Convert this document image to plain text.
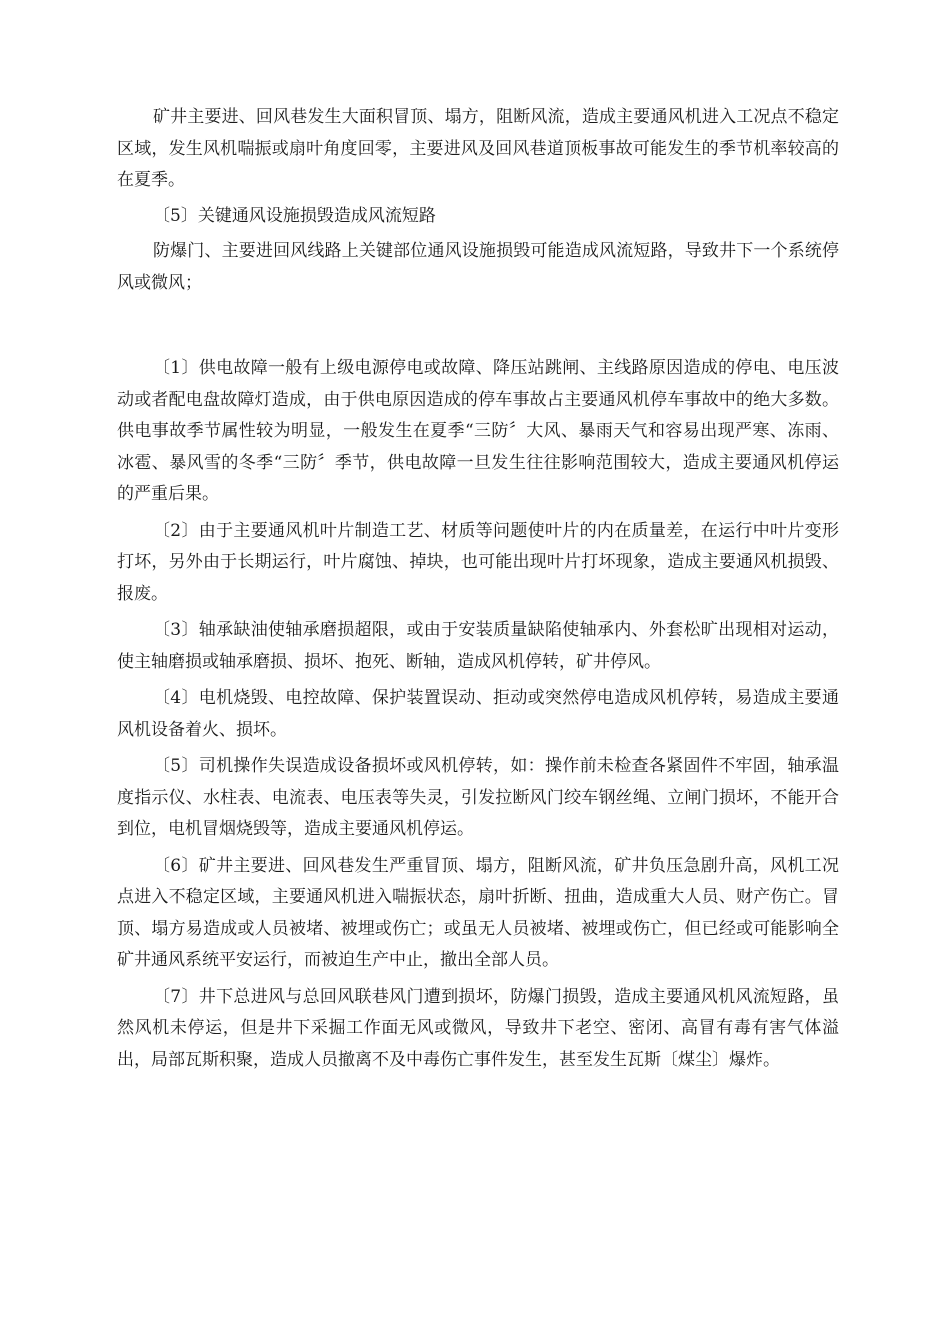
矿井主要进、回风巷发生大面积冒顶、塌方，阻断风流，造成主要通风机进入工况点不稳定区域，发生风机喘振或扇叶角度回零，主要进风及回风巷道顶板事故可能发生的季节机率较高的在夏季。

〔5〕关键通风设施损毁造成风流短路

防爆门、主要进回风线路上关键部位通风设施损毁可能造成风流短路，导致井下一个系统停风或微风；

〔1〕供电故障一般有上级电源停电或故障、降压站跳闸、主线路原因造成的停电、电压波动或者配电盘故障灯造成，由于供电原因造成的停车事故占主要通风机停车事故中的绝大多数。供电事故季节属性较为明显，一般发生在夏季“三防〞大风、暴雨天气和容易出现严寒、冻雨、冰雹、暴风雪的冬季“三防〞季节，供电故障一旦发生往往影响范围较大，造成主要通风机停运的严重后果。

〔2〕由于主要通风机叶片制造工艺、材质等问题使叶片的内在质量差，在运行中叶片变形打坏，另外由于长期运行，叶片腐蚀、掉块，也可能出现叶片打坏现象，造成主要通风机损毁、报废。

〔3〕轴承缺油使轴承磨损超限，或由于安装质量缺陷使轴承内、外套松旷出现相对运动，使主轴磨损或轴承磨损、损坏、抱死、断轴，造成风机停转，矿井停风。

〔4〕电机烧毁、电控故障、保护装置误动、拒动或突然停电造成风机停转，易造成主要通风机设备着火、损坏。

〔5〕司机操作失误造成设备损坏或风机停转，如：操作前未检查各紧固件不牢固，轴承温度指示仪、水柱表、电流表、电压表等失灵，引发拉断风门绞车钢丝绳、立闸门损坏，不能开合到位，电机冒烟烧毁等，造成主要通风机停运。

〔6〕矿井主要进、回风巷发生严重冒顶、塌方，阻断风流，矿井负压急剧升高，风机工况点进入不稳定区域，主要通风机进入喘振状态，扇叶折断、扭曲，造成重大人员、财产伤亡。冒顶、塌方易造成或人员被堵、被埋或伤亡；或虽无人员被堵、被埋或伤亡，但已经或可能影响全矿井通风系统平安运行，而被迫生产中止，撤出全部人员。

〔7〕井下总进风与总回风联巷风门遭到损坏，防爆门损毁，造成主要通风机风流短路，虽然风机未停运，但是井下采掘工作面无风或微风，导致井下老空、密闭、高冒有毒有害气体溢出，局部瓦斯积聚，造成人员撤离不及中毒伤亡事件发生，甚至发生瓦斯〔煤尘〕爆炸。
